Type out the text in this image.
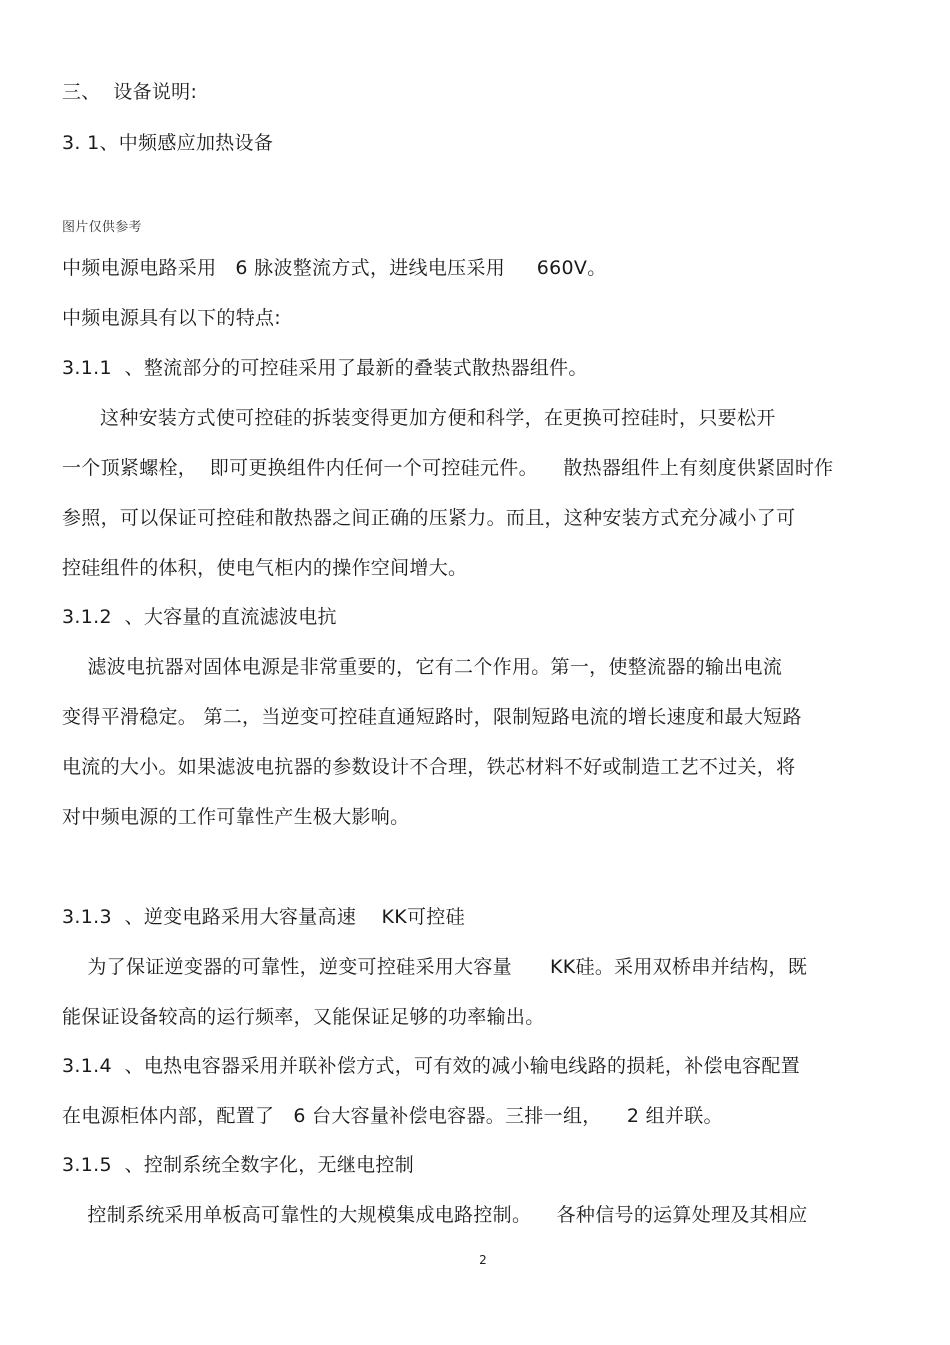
三、  设备说明:
3. 1、中频感应加热设备
图片仅供参考
中频电源电路采用   6 脉波整流方式，进线电压采用     660V。
中频电源具有以下的特点:
3.1.1  、整流部分的可控硅采用了最新的叠装式散热器组件。
这种安装方式使可控硅的拆装变得更加方便和科学，在更换可控硅时，只要松开
一个顶紧螺栓，  即可更换组件内任何一个可控硅元件。    散热器组件上有刻度供紧固时作
参照，可以保证可控硅和散热器之间正确的压紧力。而且，这种安装方式充分减小了可
控硅组件的体积，使电气柜内的操作空间增大。
3.1.2  、大容量的直流滤波电抗
滤波电抗器对固体电源是非常重要的，它有二个作用。第一，使整流器的输出电流
变得平滑稳定。 第二，当逆变可控硅直通短路时，限制短路电流的增长速度和最大短路
电流的大小。如果滤波电抗器的参数设计不合理，铁芯材料不好或制造工艺不过关，将
对中频电源的工作可靠性产生极大影响。
3.1.3  、逆变电路采用大容量高速    KK可控硅
为了保证逆变器的可靠性，逆变可控硅采用大容量      KK硅。采用双桥串并结构，既
能保证设备较高的运行频率，又能保证足够的功率输出。
3.1.4  、电热电容器采用并联补偿方式，可有效的减小输电线路的损耗，补偿电容配置
在电源柜体内部，配置了   6 台大容量补偿电容器。三排一组，    2 组并联。
3.1.5  、控制系统全数字化，无继电控制
控制系统采用单板高可靠性的大规模集成电路控制。    各种信号的运算处理及其相应
2
